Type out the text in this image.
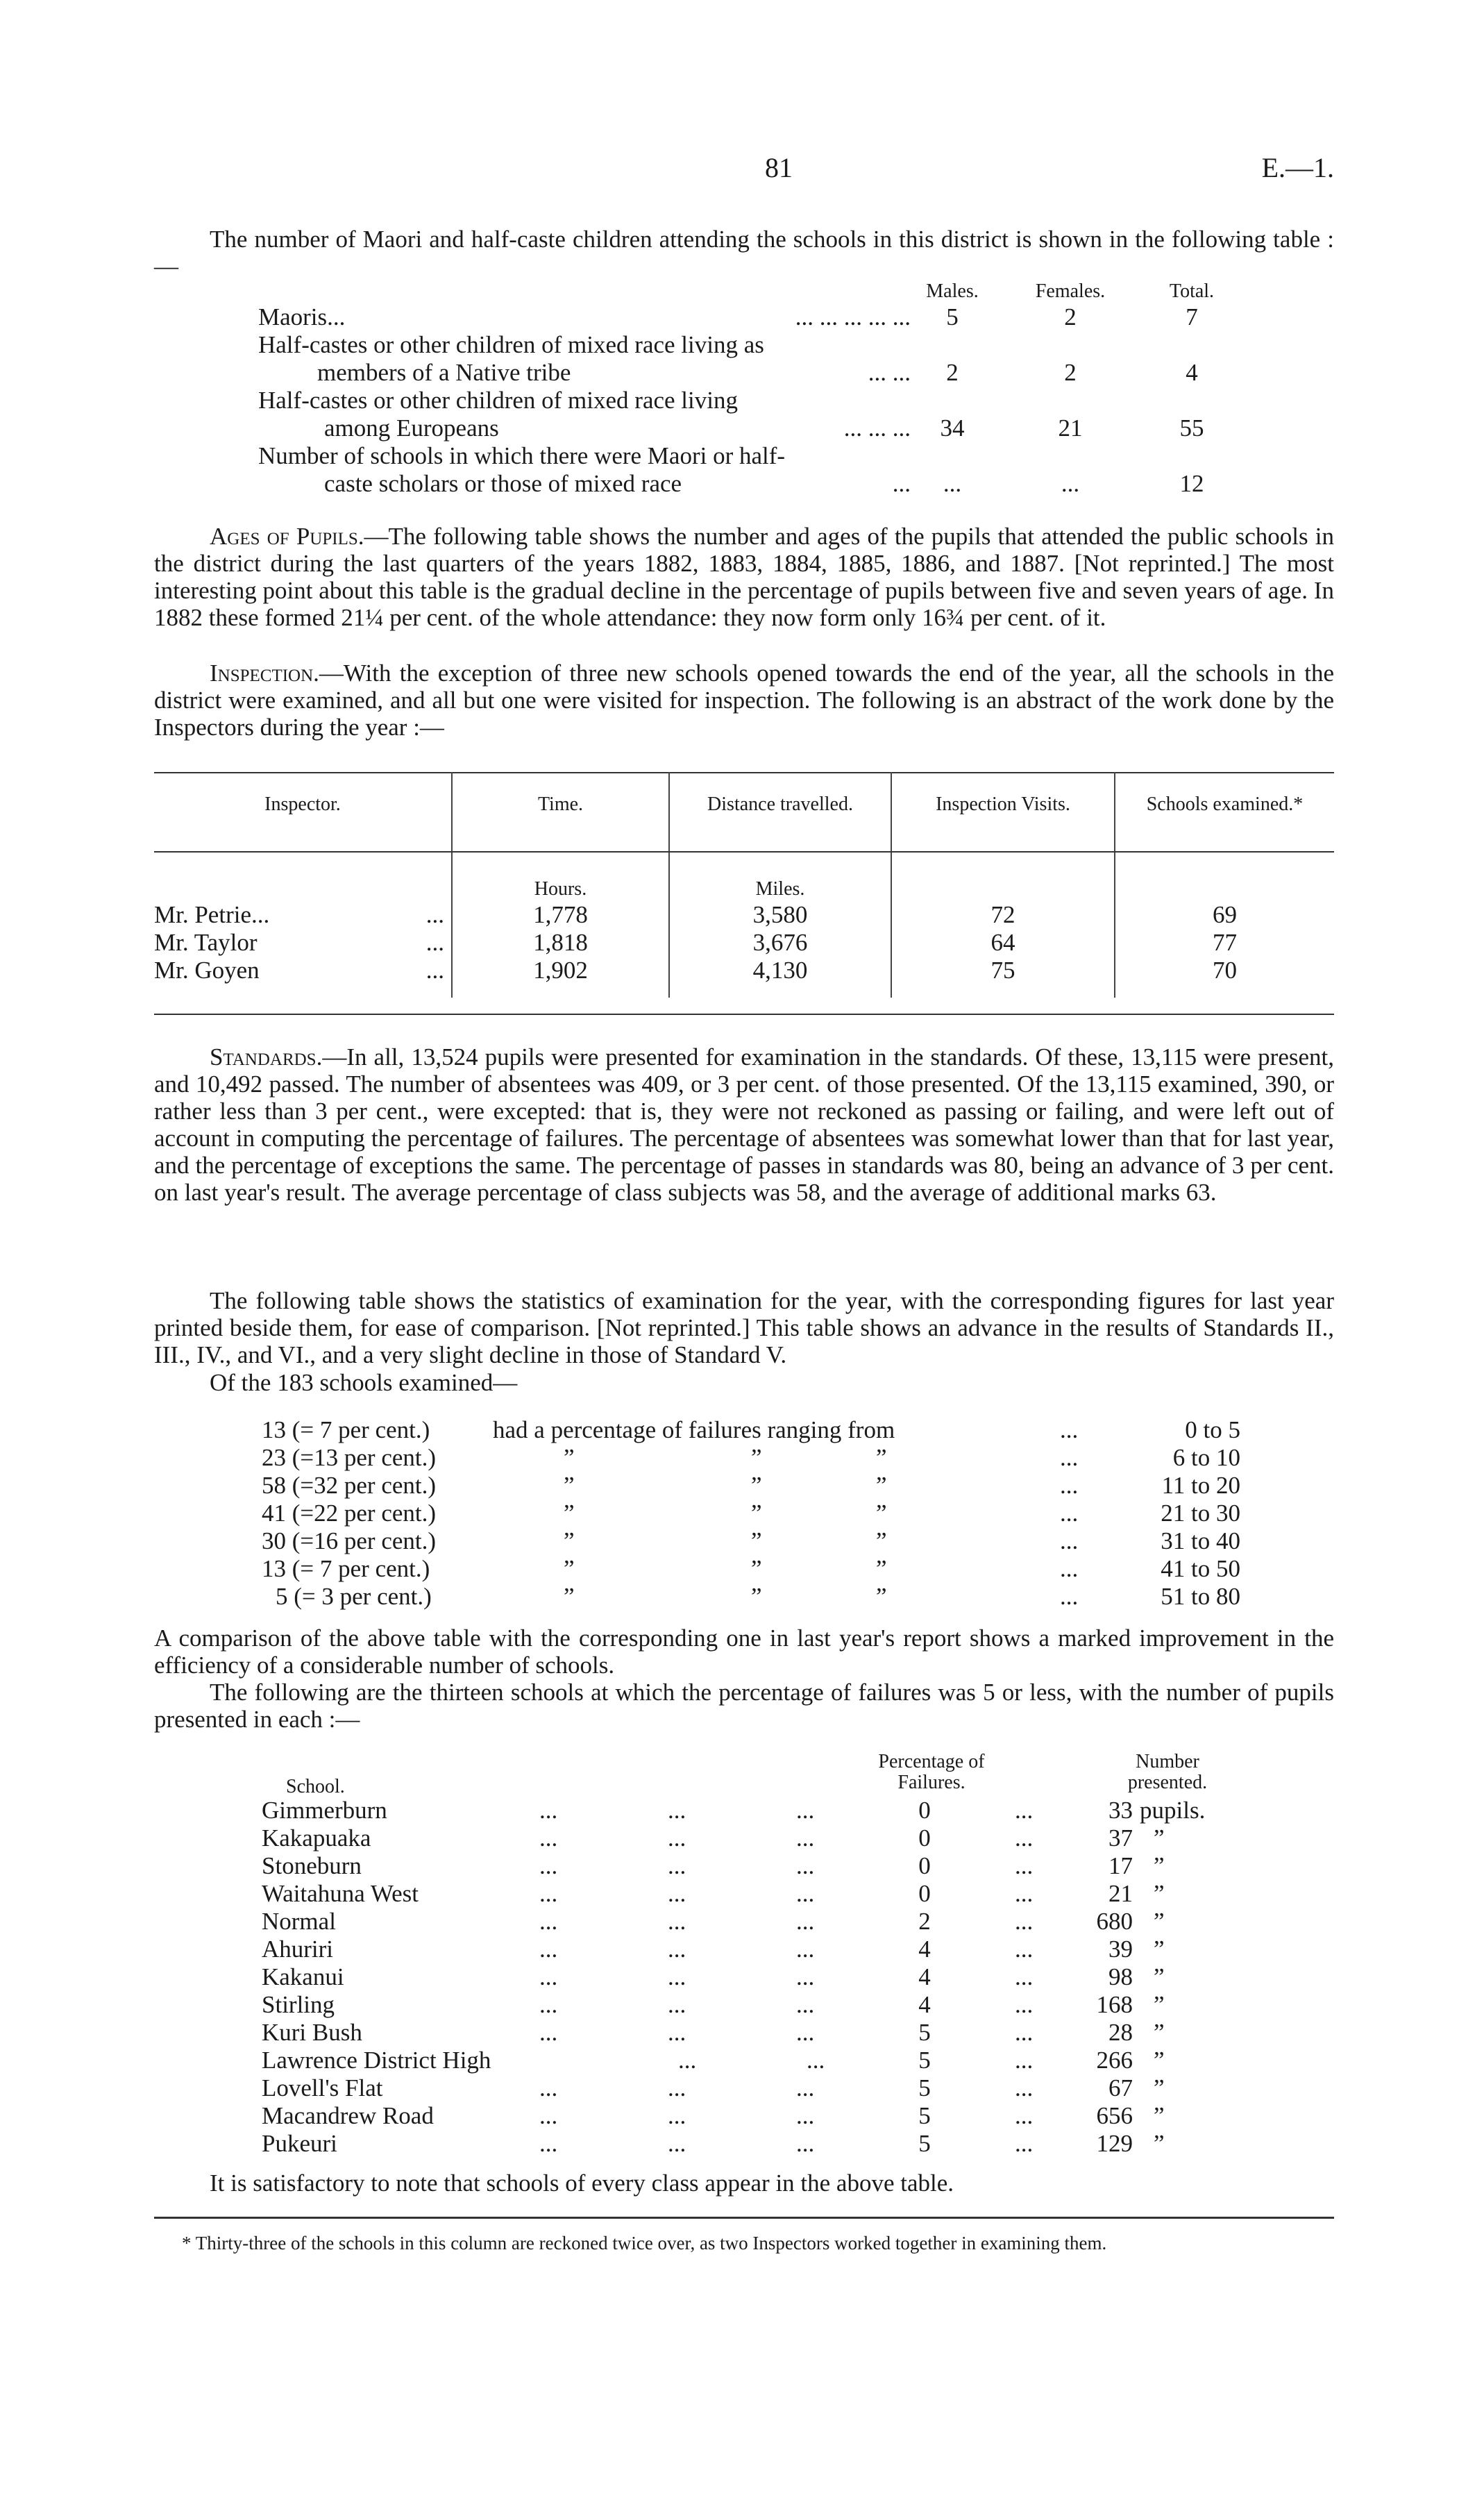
81	E.—1.
The number of Maori and half-caste children attending the schools in this district is shown in the following table :—
Males.	Females.	Total.
Maoris...	... ... ... ... ...	5	2	7
Half-castes or other children of mixed race living as
members of a Native tribe	... ...	2	2	4
Half-castes or other children of mixed race living
among Europeans	... ... ...	34	21	55
Number of schools in which there were Maori or half-
caste scholars or those of mixed race	...	...	...	12
Ages of Pupils.—The following table shows the number and ages of the pupils that attended the public schools in the district during the last quarters of the years 1882, 1883, 1884, 1885, 1886, and 1887. [Not reprinted.] The most interesting point about this table is the gradual decline in the percentage of pupils between five and seven years of age. In 1882 these formed 21¼ per cent. of the whole attendance: they now form only 16¾ per cent. of it.
Inspection.—With the exception of three new schools opened towards the end of the year, all the schools in the district were examined, and all but one were visited for inspection. The following is an abstract of the work done by the Inspectors during the year :—
Inspector.	Time.	Distance travelled.	Inspection Visits.	Schools examined.*
Hours.	Miles.
Mr. Petrie...	...	1,778	3,580	72	69
Mr. Taylor	...	1,818	3,676	64	77
Mr. Goyen	...	1,902	4,130	75	70
Standards.—In all, 13,524 pupils were presented for examination in the standards. Of these, 13,115 were present, and 10,492 passed. The number of absentees was 409, or 3 per cent. of those presented. Of the 13,115 examined, 390, or rather less than 3 per cent., were excepted: that is, they were not reckoned as passing or failing, and were left out of account in computing the percentage of failures. The percentage of absentees was somewhat lower than that for last year, and the percentage of exceptions the same. The percentage of passes in standards was 80, being an advance of 3 per cent. on last year's result. The average percentage of class subjects was 58, and the average of additional marks 63.
The following table shows the statistics of examination for the year, with the corresponding figures for last year printed beside them, for ease of comparison. [Not reprinted.] This table shows an advance in the results of Standards II., III., IV., and VI., and a very slight decline in those of Standard V.
Of the 183 schools examined—
13 (= 7 per cent.)	had a percentage of failures ranging from	...	0 to 5
23 (=13 per cent.)	”	”	”	...	6 to 10
58 (=32 per cent.)	”	”	”	...	11 to 20
41 (=22 per cent.)	”	”	”	...	21 to 30
30 (=16 per cent.)	”	”	”	...	31 to 40
13 (= 7 per cent.)	”	”	”	...	41 to 50
5 (= 3 per cent.)	”	”	”	...	51 to 80
A comparison of the above table with the corresponding one in last year's report shows a marked improvement in the efficiency of a considerable number of schools.
The following are the thirteen schools at which the percentage of failures was 5 or less, with the number of pupils presented in each :—
School.
Percentage of
Failures.
Number
presented.
Gimmerburn	... ... ...	0	...	33 pupils.
Kakapuaka	... ... ...	0	...	37 ”
Stoneburn	... ... ...	0	...	17 ”
Waitahuna West	... ... ...	0	...	21 ”
Normal	... ... ...	2	...	680 ”
Ahuriri	... ... ...	4	...	39 ”
Kakanui	... ... ...	4	...	98 ”
Stirling	... ... ...	4	...	168 ”
Kuri Bush	... ... ...	5	...	28 ”
Lawrence District High	... ...	5	...	266 ”
Lovell's Flat	... ... ...	5	...	67 ”
Macandrew Road	... ... ...	5	...	656 ”
Pukeuri	... ... ...	5	...	129 ”
It is satisfactory to note that schools of every class appear in the above table.
* Thirty-three of the schools in this column are reckoned twice over, as two Inspectors worked together in examining them.
